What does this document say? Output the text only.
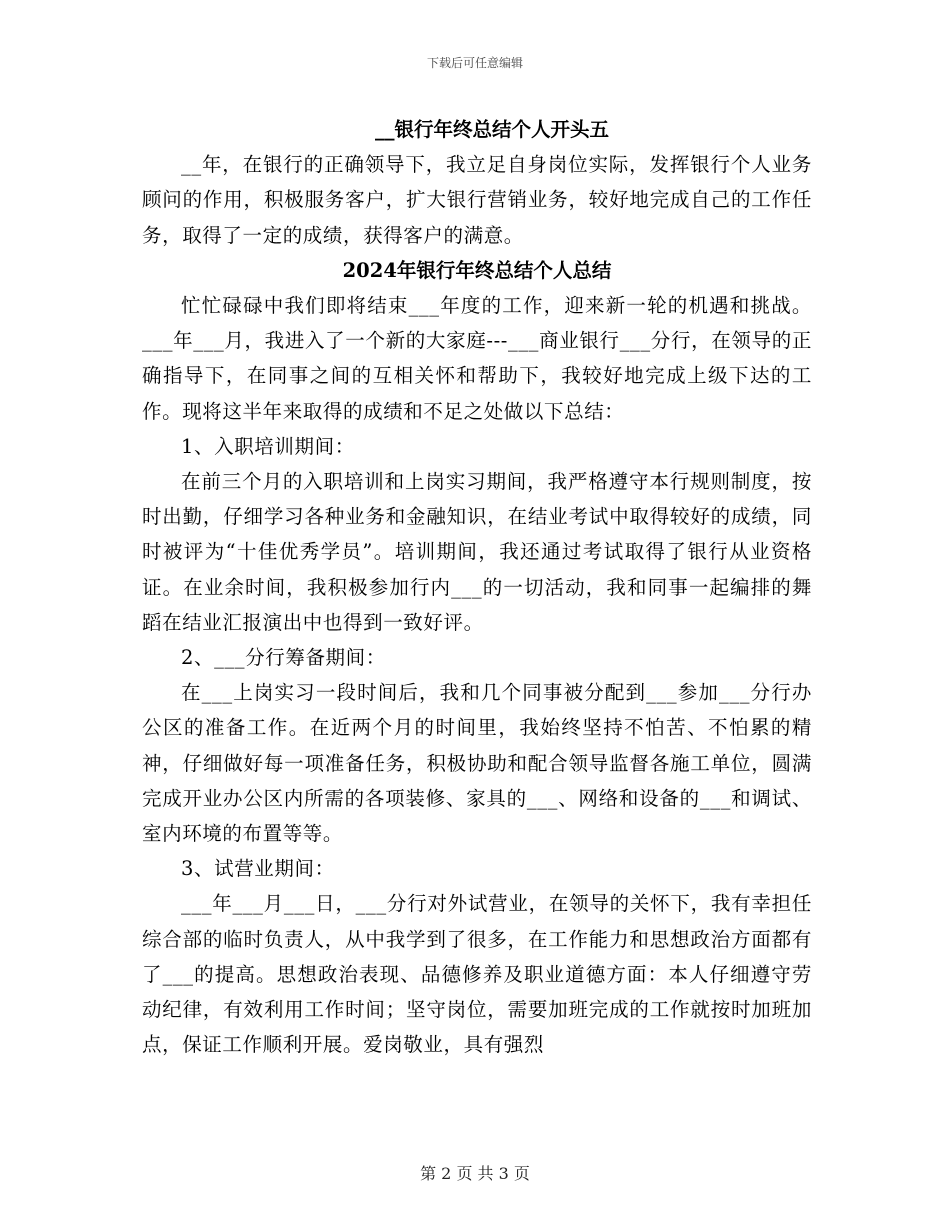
下载后可任意编辑

__银行年终总结个人开头五

__年，在银行的正确领导下，我立足自身岗位实际，发挥银行个人业务顾问的作用，积极服务客户，扩大银行营销业务，较好地完成自己的工作任务，取得了一定的成绩，获得客户的满意。

2024年银行年终总结个人总结

忙忙碌碌中我们即将结束___年度的工作，迎来新一轮的机遇和挑战。___年___月，我进入了一个新的大家庭---___商业银行___分行，在领导的正确指导下，在同事之间的互相关怀和帮助下，我较好地完成上级下达的工作。现将这半年来取得的成绩和不足之处做以下总结：

1、入职培训期间：

在前三个月的入职培训和上岗实习期间，我严格遵守本行规则制度，按时出勤，仔细学习各种业务和金融知识，在结业考试中取得较好的成绩，同时被评为“十佳优秀学员”。培训期间，我还通过考试取得了银行从业资格证。在业余时间，我积极参加行内___的一切活动，我和同事一起编排的舞蹈在结业汇报演出中也得到一致好评。

2、___分行筹备期间：

在___上岗实习一段时间后，我和几个同事被分配到___参加___分行办公区的准备工作。在近两个月的时间里，我始终坚持不怕苦、不怕累的精神，仔细做好每一项准备任务，积极协助和配合领导监督各施工单位，圆满完成开业办公区内所需的各项装修、家具的___、网络和设备的___和调试、室内环境的布置等等。

3、试营业期间：

___年___月___日，___分行对外试营业，在领导的关怀下，我有幸担任综合部的临时负责人，从中我学到了很多，在工作能力和思想政治方面都有了___的提高。思想政治表现、品德修养及职业道德方面：本人仔细遵守劳动纪律，有效利用工作时间；坚守岗位，需要加班完成的工作就按时加班加点，保证工作顺利开展。爱岗敬业，具有强烈

第 2 页 共 3 页
